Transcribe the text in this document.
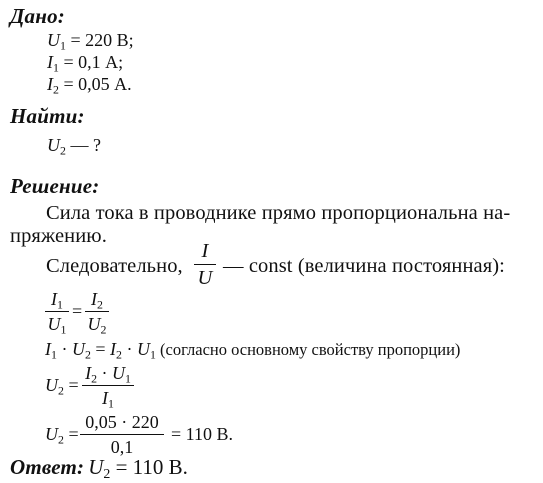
Дано:
$U_1 = 220$ В;
$I_1 = 0,1$ А;
$I_2 = 0,05$ А.
Найти:
$U_2$ — ?
Решение:
Сила тока в проводнике прямо пропорциональна на-
пряжению.
Следовательно,
I
U
— const (величина постоянная):
$I_1$
$U_1$
=
$I_2$
$U_2$
$I_1 \cdot U_2 = I_2 \cdot U_1$ (согласно основному свойству пропорции)
$U_2$ =
$I_2 \cdot U_1$
$I_1$
$U_2$ =
0,05 · 220
0,1
= 110 В.
Ответ: $U_2 = 110$ В.
